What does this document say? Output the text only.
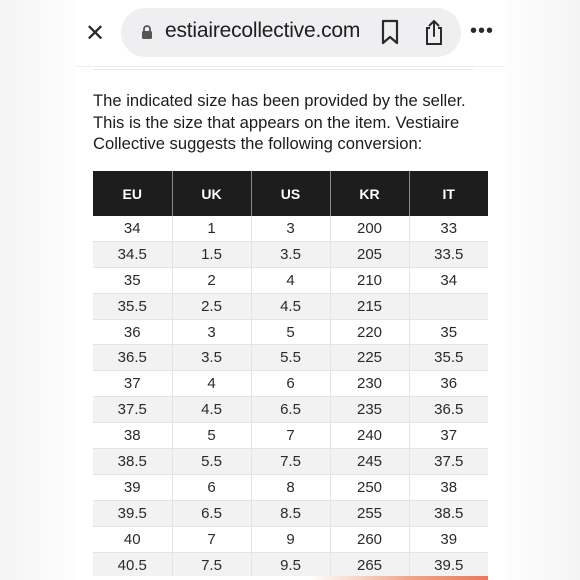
✕	estiairecollective.com	•••

The indicated size has been provided by the seller. This is the size that appears on the item. Vestiaire Collective suggests the following conversion:

EU	UK	US	KR	IT
34	1	3	200	33
34.5	1.5	3.5	205	33.5
35	2	4	210	34
35.5	2.5	4.5	215	
36	3	5	220	35
36.5	3.5	5.5	225	35.5
37	4	6	230	36
37.5	4.5	6.5	235	36.5
38	5	7	240	37
38.5	5.5	7.5	245	37.5
39	6	8	250	38
39.5	6.5	8.5	255	38.5
40	7	9	260	39
40.5	7.5	9.5	265	39.5
